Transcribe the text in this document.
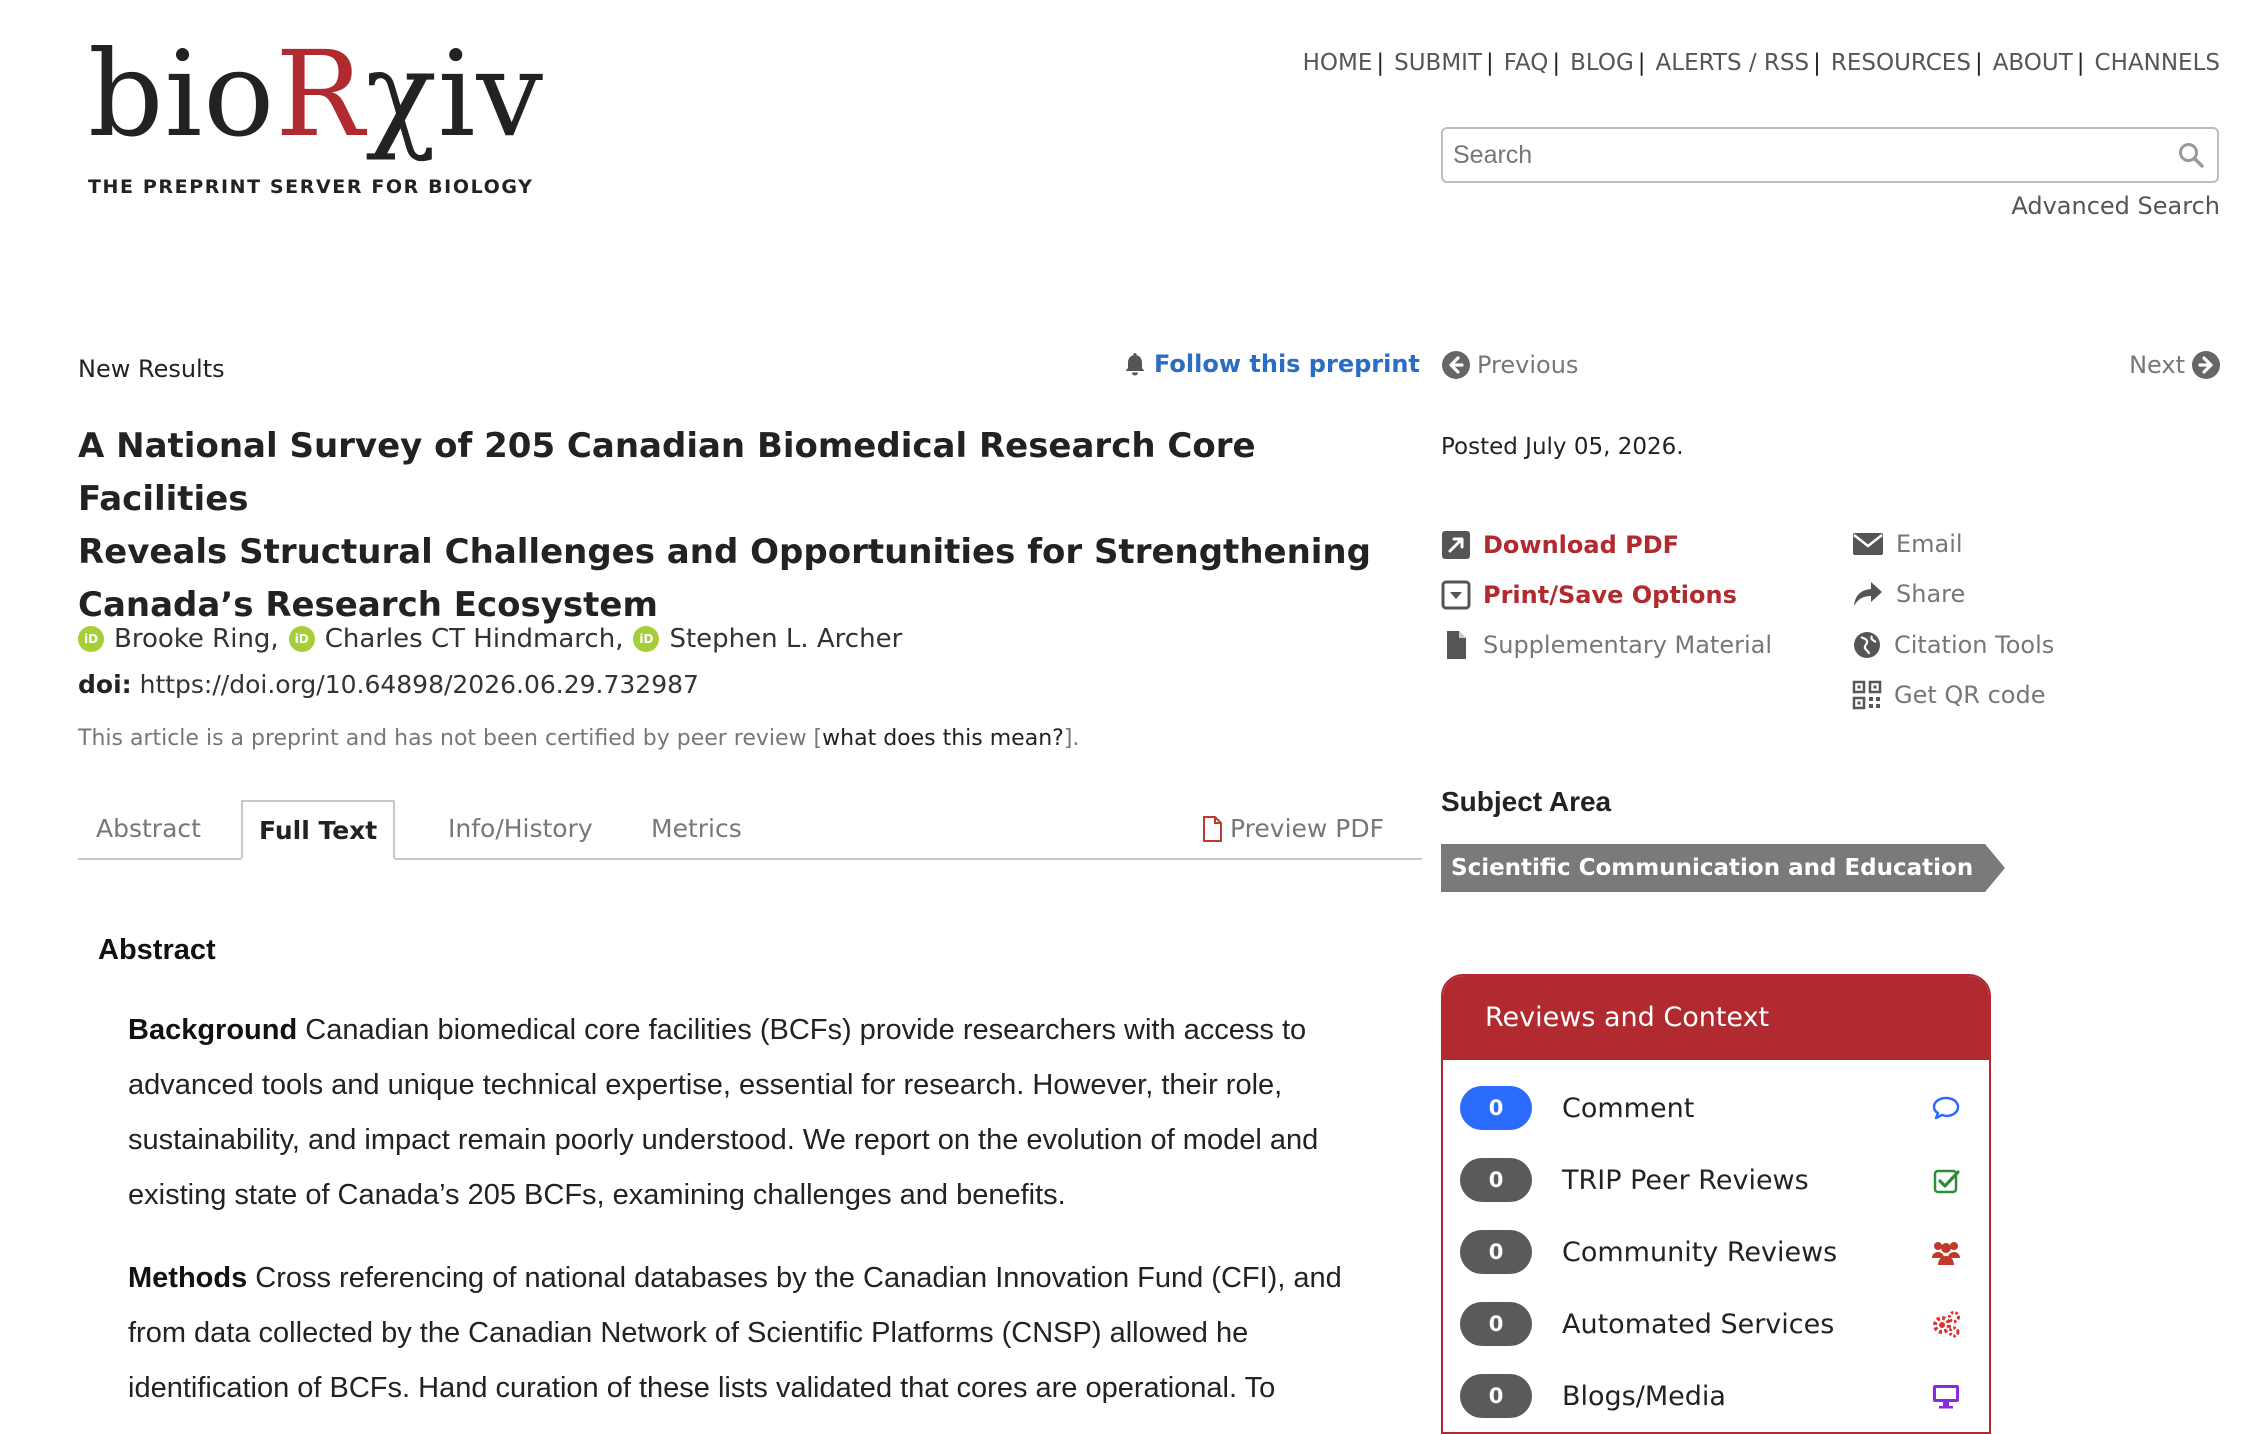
bioRχiv
THE PREPRINT SERVER FOR BIOLOGY
HOME | SUBMIT | FAQ | BLOG | ALERTS / RSS | RESOURCES | ABOUT | CHANNELS
Search
Advanced Search
New Results	Follow this preprint
A National Survey of 205 Canadian Biomedical Research Core Facilities
Reveals Structural Challenges and Opportunities for Strengthening
Canada’s Research Ecosystem
iD Brooke Ring,	iD Charles CT Hindmarch,	iD Stephen L. Archer
doi: https://doi.org/10.64898/2026.06.29.732987
This article is a preprint and has not been certified by peer review [what does this mean?].
Abstract	Full Text	Info/History Metrics	Preview PDF
Abstract
Background Canadian biomedical core facilities (BCFs) provide researchers with access to
advanced tools and unique technical expertise, essential for research. However, their role,
sustainability, and impact remain poorly understood. We report on the evolution of model and
existing state of Canada’s 205 BCFs, examining challenges and benefits.
Methods Cross referencing of national databases by the Canadian Innovation Fund (CFI), and
from data collected by the Canadian Network of Scientific Platforms (CNSP) allowed he
identification of BCFs. Hand curation of these lists validated that cores are operational. To
Previous	Next
Posted July 05, 2026.
Download PDF
Print/Save Options
Supplementary Material
Email
Share
Citation Tools
Get QR code
Subject Area
Scientific Communication and Education
Reviews and Context
0	Comment
0	TRIP Peer Reviews
0	Community Reviews
0	Automated Services
0	Blogs/Media
